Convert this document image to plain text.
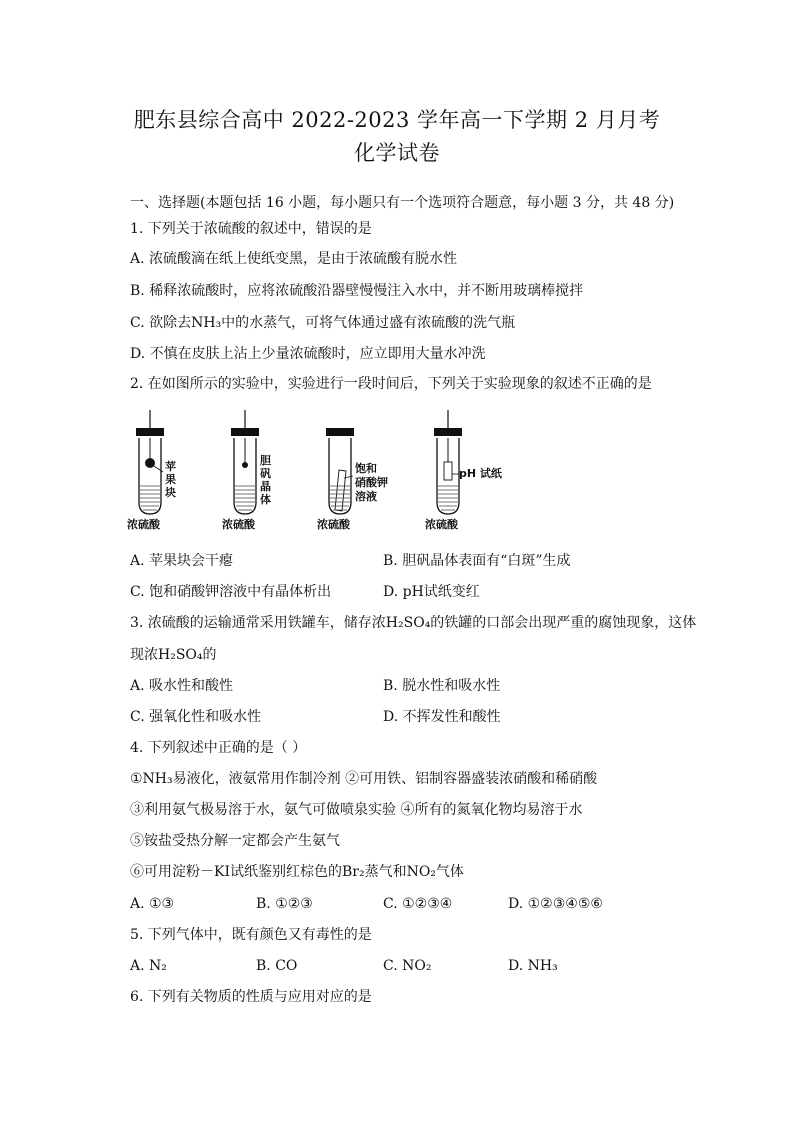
肥东县综合高中 2022-2023 学年高一下学期 2 月月考
化学试卷
一、选择题(本题包括 16 小题，每小题只有一个选项符合题意，每小题 3 分，共 48 分)
1. 下列关于浓硫酸的叙述中，错误的是
A. 浓硫酸滴在纸上使纸变黑，是由于浓硫酸有脱水性
B. 稀释浓硫酸时，应将浓硫酸沿器壁慢慢注入水中，并不断用玻璃棒搅拌
C. 欲除去NH₃中的水蒸气，可将气体通过盛有浓硫酸的洗气瓶
D. 不慎在皮肤上沾上少量浓硫酸时，应立即用大量水冲洗
2. 在如图所示的实验中，实验进行一段时间后，下列关于实验现象的叙述不正确的是
苹
果
块
浓硫酸
胆
矾
晶
体
浓硫酸
饱和
硝酸钾
溶液
浓硫酸
pH 试纸
浓硫酸
A. 苹果块会干瘪	B. 胆矾晶体表面有“白斑”生成
C. 饱和硝酸钾溶液中有晶体析出	D. pH试纸变红
3. 浓硫酸的运输通常采用铁罐车，储存浓H₂SO₄的铁罐的口部会出现严重的腐蚀现象，这体
现浓H₂SO₄的
A. 吸水性和酸性	B. 脱水性和吸水性
C. 强氧化性和吸水性	D. 不挥发性和酸性
4. 下列叙述中正确的是（ ）
①NH₃易液化，液氨常用作制冷剂 ②可用铁、铝制容器盛装浓硝酸和稀硝酸
③利用氨气极易溶于水，氨气可做喷泉实验 ④所有的氮氧化物均易溶于水
⑤铵盐受热分解一定都会产生氨气
⑥可用淀粉－KI试纸鉴别红棕色的Br₂蒸气和NO₂气体
A. ①③	B. ①②③	C. ①②③④	D. ①②③④⑤⑥
5. 下列气体中，既有颜色又有毒性的是
A. N₂	B. CO	C. NO₂	D. NH₃
6. 下列有关物质的性质与应用对应的是
